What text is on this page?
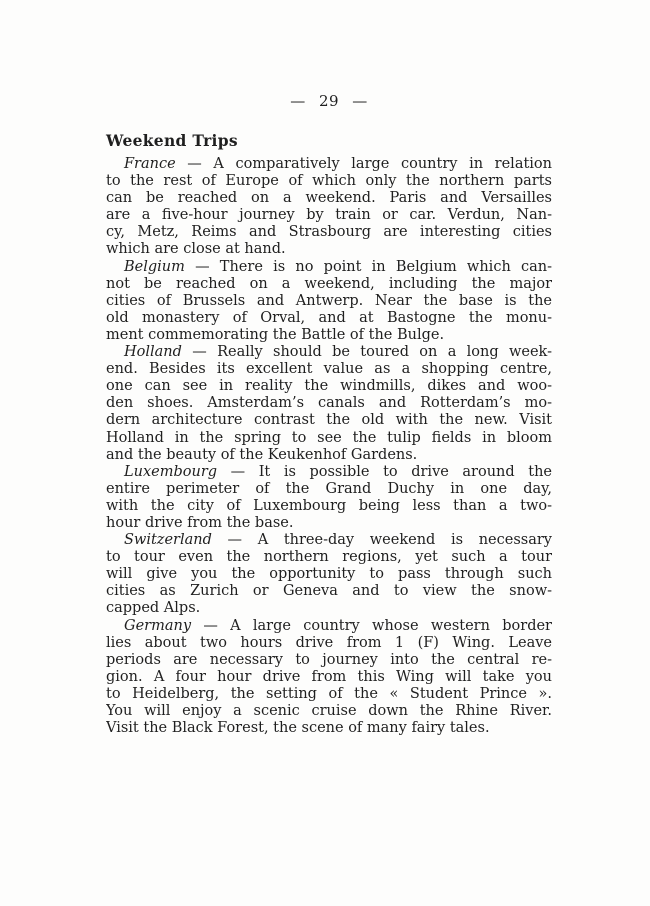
— 29 —
Weekend Trips
France — A comparatively large country in relation
to the rest of Europe of which only the northern parts
can be reached on a weekend. Paris and Versailles
are a five-hour journey by train or car. Verdun, Nan-
cy, Metz, Reims and Strasbourg are interesting cities
which are close at hand.
Belgium — There is no point in Belgium which can-
not be reached on a weekend, including the major
cities of Brussels and Antwerp. Near the base is the
old monastery of Orval, and at Bastogne the monu-
ment commemorating the Battle of the Bulge.
Holland — Really should be toured on a long week-
end. Besides its excellent value as a shopping centre,
one can see in reality the windmills, dikes and woo-
den shoes. Amsterdam’s canals and Rotterdam’s mo-
dern architecture contrast the old with the new. Visit
Holland in the spring to see the tulip fields in bloom
and the beauty of the Keukenhof Gardens.
Luxembourg — It is possible to drive around the
entire perimeter of the Grand Duchy in one day,
with the city of Luxembourg being less than a two-
hour drive from the base.
Switzerland — A three-day weekend is necessary
to tour even the northern regions, yet such a tour
will give you the opportunity to pass through such
cities as Zurich or Geneva and to view the snow-
capped Alps.
Germany — A large country whose western border
lies about two hours drive from 1 (F) Wing. Leave
periods are necessary to journey into the central re-
gion. A four hour drive from this Wing will take you
to Heidelberg, the setting of the « Student Prince ».
You will enjoy a scenic cruise down the Rhine River.
Visit the Black Forest, the scene of many fairy tales.
